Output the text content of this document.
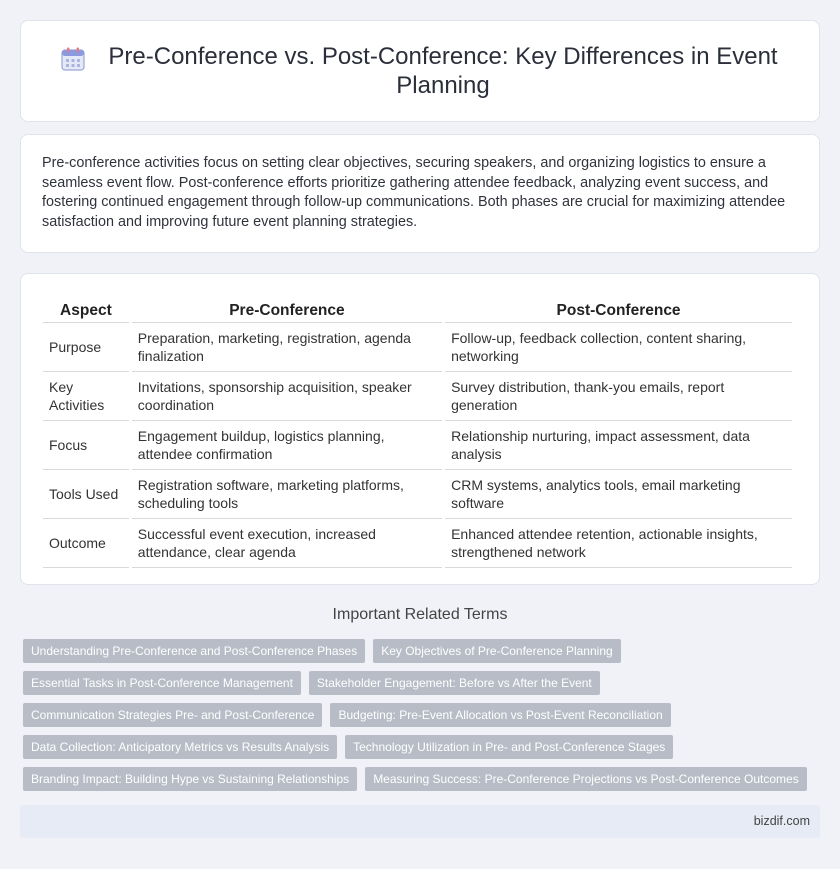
Pre-Conference vs. Post-Conference: Key Differences in Event Planning

Pre-conference activities focus on setting clear objectives, securing speakers, and organizing logistics to ensure a seamless event flow. Post-conference efforts prioritize gathering attendee feedback, analyzing event success, and fostering continued engagement through follow-up communications. Both phases are crucial for maximizing attendee satisfaction and improving future event planning strategies.

Aspect	Pre-Conference	Post-Conference
Purpose	Preparation, marketing, registration, agenda finalization	Follow-up, feedback collection, content sharing, networking
Key Activities	Invitations, sponsorship acquisition, speaker coordination	Survey distribution, thank-you emails, report generation
Focus	Engagement buildup, logistics planning, attendee confirmation	Relationship nurturing, impact assessment, data analysis
Tools Used	Registration software, marketing platforms, scheduling tools	CRM systems, analytics tools, email marketing software
Outcome	Successful event execution, increased attendance, clear agenda	Enhanced attendee retention, actionable insights, strengthened network
Important Related Terms
Understanding Pre-Conference and Post-Conference Phases	Key Objectives of Pre-Conference Planning
Essential Tasks in Post-Conference Management	Stakeholder Engagement: Before vs After the Event
Communication Strategies Pre- and Post-Conference	Budgeting: Pre-Event Allocation vs Post-Event Reconciliation
Data Collection: Anticipatory Metrics vs Results Analysis	Technology Utilization in Pre- and Post-Conference Stages
Branding Impact: Building Hype vs Sustaining Relationships	Measuring Success: Pre-Conference Projections vs Post-Conference Outcomes
bizdif.com
